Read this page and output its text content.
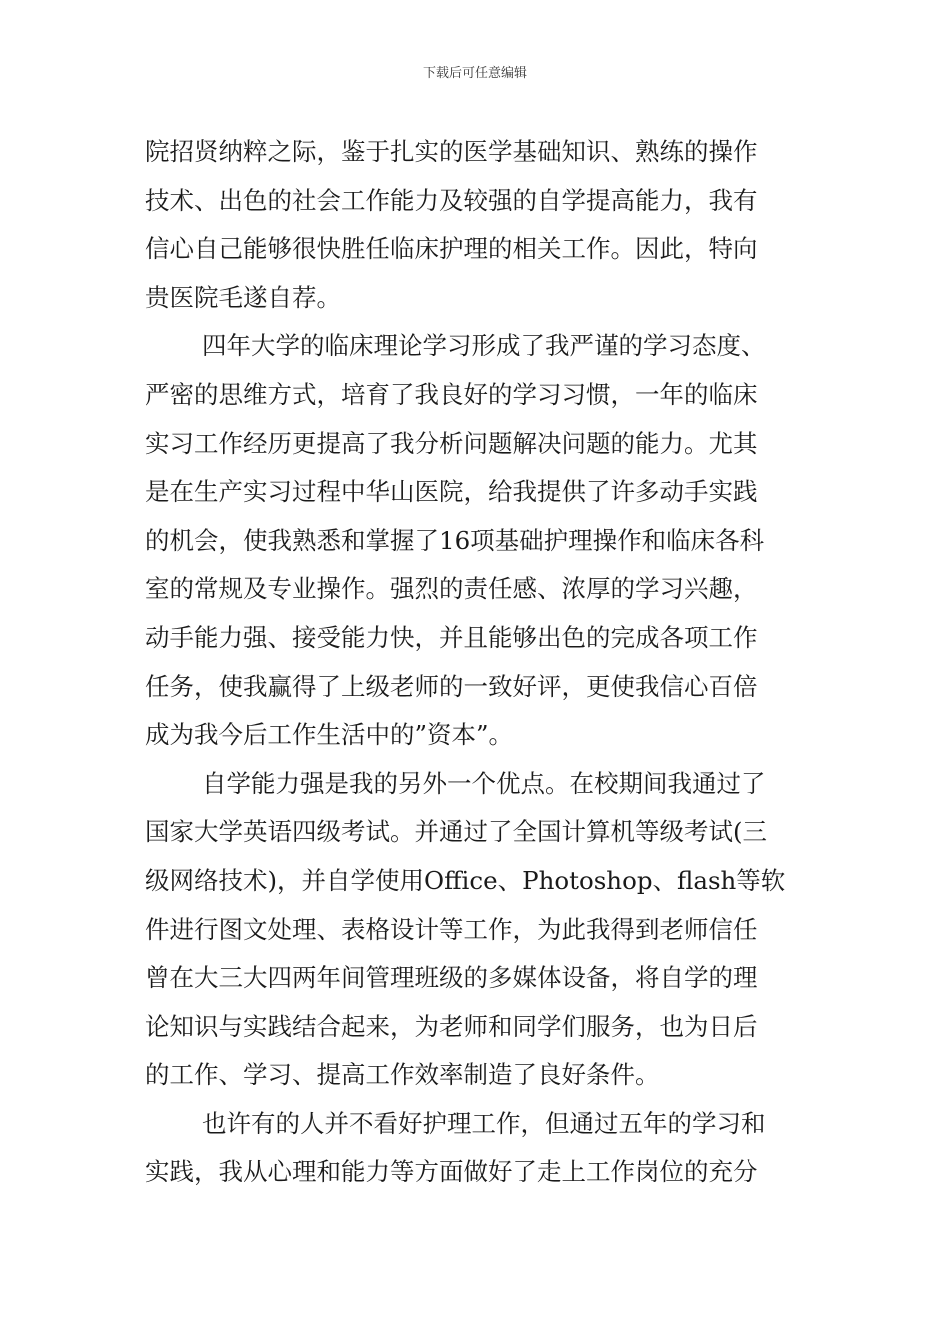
下载后可任意编辑
院招贤纳粹之际，鉴于扎实的医学基础知识、熟练的操作
技术、出色的社会工作能力及较强的自学提高能力，我有
信心自己能够很快胜任临床护理的相关工作。因此，特向
贵医院毛遂自荐。
四年大学的临床理论学习形成了我严谨的学习态度、
严密的思维方式，培育了我良好的学习习惯，一年的临床
实习工作经历更提高了我分析问题解决问题的能力。尤其
是在生产实习过程中华山医院，给我提供了许多动手实践
的机会，使我熟悉和掌握了16项基础护理操作和临床各科
室的常规及专业操作。强烈的责任感、浓厚的学习兴趣，
动手能力强、接受能力快，并且能够出色的完成各项工作
任务，使我赢得了上级老师的一致好评，更使我信心百倍
成为我今后工作生活中的”资本”。
自学能力强是我的另外一个优点。在校期间我通过了
国家大学英语四级考试。并通过了全国计算机等级考试(三
级网络技术)，并自学使用Office、Photoshop、flash等软
件进行图文处理、表格设计等工作，为此我得到老师信任
曾在大三大四两年间管理班级的多媒体设备，将自学的理
论知识与实践结合起来，为老师和同学们服务，也为日后
的工作、学习、提高工作效率制造了良好条件。
也许有的人并不看好护理工作，但通过五年的学习和
实践，我从心理和能力等方面做好了走上工作岗位的充分
